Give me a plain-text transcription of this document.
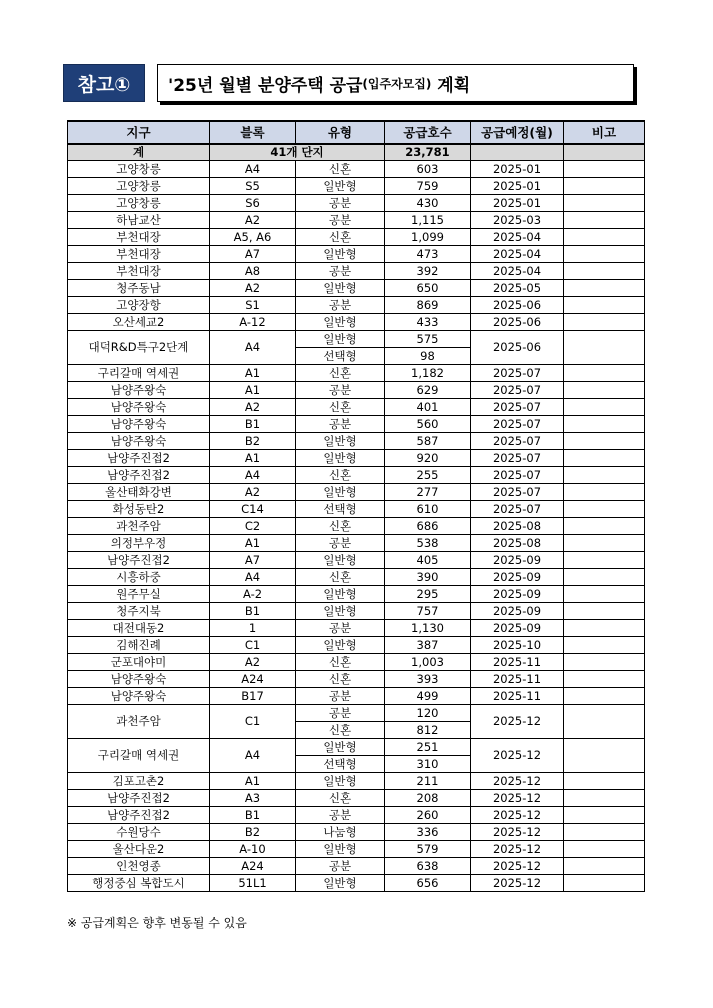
참고①	'25년 월별 분양주택 공급 (입주자모집) 계획
지구	블록	유형	공급호수	공급예정(월)	비고
계	41개 단지		23,781		
고양창릉	A4	신혼	603	2025-01	
고양창릉	S5	일반형	759	2025-01	
고양창릉	S6	공분	430	2025-01	
하남교산	A2	공분	1,115	2025-03	
부천대장	A5, A6	신혼	1,099	2025-04	
부천대장	A7	일반형	473	2025-04	
부천대장	A8	공분	392	2025-04	
청주동남	A2	일반형	650	2025-05	
고양장항	S1	공분	869	2025-06	
오산세교2	A-12	일반형	433	2025-06	
대덕R&D특구2단계	A4	일반형	575	2025-06	
		선택형	98		
구리갈매 역세권	A1	신혼	1,182	2025-07	
남양주왕숙	A1	공분	629	2025-07	
남양주왕숙	A2	신혼	401	2025-07	
남양주왕숙	B1	공분	560	2025-07	
남양주왕숙	B2	일반형	587	2025-07	
남양주진접2	A1	일반형	920	2025-07	
남양주진접2	A4	신혼	255	2025-07	
울산태화강변	A2	일반형	277	2025-07	
화성동탄2	C14	선택형	610	2025-07	
과천주암	C2	신혼	686	2025-08	
의정부우정	A1	공분	538	2025-08	
남양주진접2	A7	일반형	405	2025-09	
시흥하중	A4	신혼	390	2025-09	
원주무실	A-2	일반형	295	2025-09	
청주지북	B1	일반형	757	2025-09	
대전대동2	1	공분	1,130	2025-09	
김해진례	C1	일반형	387	2025-10	
군포대야미	A2	신혼	1,003	2025-11	
남양주왕숙	A24	신혼	393	2025-11	
남양주왕숙	B17	공분	499	2025-11	
과천주암	C1	공분	120	2025-12	
		신혼	812		
구리갈매 역세권	A4	일반형	251	2025-12	
		선택형	310		
김포고촌2	A1	일반형	211	2025-12	
남양주진접2	A3	신혼	208	2025-12	
남양주진접2	B1	공분	260	2025-12	
수원당수	B2	나눔형	336	2025-12	
울산다운2	A-10	일반형	579	2025-12	
인천영종	A24	공분	638	2025-12	
행정중심 복합도시	51L1	일반형	656	2025-12	
※ 공급계획은 향후 변동될 수 있음
